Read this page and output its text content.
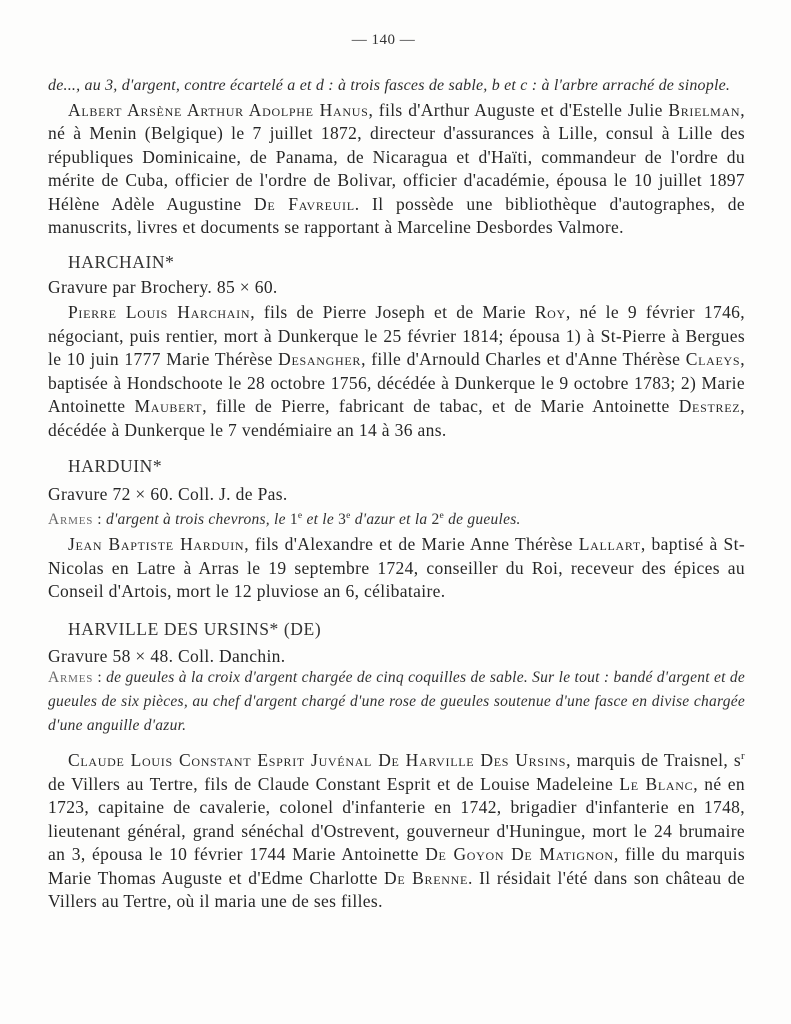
— 140 —

de..., au 3, d'argent, contre écartelé a et d : à trois fasces de sable, b et c : à l'arbre arraché de sinople.

Albert Arsène Arthur Adolphe Hanus, fils d'Arthur Auguste et d'Estelle Julie Brielman, né à Menin (Belgique) le 7 juillet 1872, directeur d'assurances à Lille, consul à Lille des républiques Dominicaine, de Panama, de Nicaragua et d'Haïti, commandeur de l'ordre du mérite de Cuba, officier de l'ordre de Bolivar, officier d'académie, épousa le 10 juillet 1897 Hélène Adèle Augustine De Favreuil. Il possède une bibliothèque d'autographes, de manuscrits, livres et documents se rapportant à Marceline Desbordes Valmore.

HARCHAIN*

Gravure par Brochery. 85 × 60.

Pierre Louis Harchain, fils de Pierre Joseph et de Marie Roy, né le 9 février 1746, négociant, puis rentier, mort à Dunkerque le 25 février 1814; épousa 1) à St-Pierre à Bergues le 10 juin 1777 Marie Thérèse Desangher, fille d'Arnould Charles et d'Anne Thérèse Claeys, baptisée à Hondschoote le 28 octobre 1756, décédée à Dunkerque le 9 octobre 1783; 2) Marie Antoinette Maubert, fille de Pierre, fabricant de tabac, et de Marie Antoinette Destrez, décédée à Dunkerque le 7 vendémiaire an 14 à 36 ans.

HARDUIN*

Gravure 72 × 60. Coll. J. de Pas.

Armes : d'argent à trois chevrons, le 1e et le 3e d'azur et la 2e de gueules.

Jean Baptiste Harduin, fils d'Alexandre et de Marie Anne Thérèse Lallart, baptisé à St-Nicolas en Latre à Arras le 19 septembre 1724, conseiller du Roi, receveur des épices au Conseil d'Artois, mort le 12 pluviose an 6, célibataire.

HARVILLE DES URSINS* (DE)

Gravure 58 × 48. Coll. Danchin.

Armes : de gueules à la croix d'argent chargée de cinq coquilles de sable. Sur le tout : bandé d'argent et de gueules de six pièces, au chef d'argent chargé d'une rose de gueules soutenue d'une fasce en divise chargée d'une anguille d'azur.

Claude Louis Constant Esprit Juvénal De Harville Des Ursins, marquis de Traisnel, $s^r$ de Villers au Tertre, fils de Claude Constant Esprit et de Louise Madeleine Le Blanc, né en 1723, capitaine de cavalerie, colonel d'infanterie en 1742, brigadier d'infanterie en 1748, lieutenant général, grand sénéchal d'Ostrevent, gouverneur d'Huningue, mort le 24 brumaire an 3, épousa le 10 février 1744 Marie Antoinette De Goyon De Matignon, fille du marquis Marie Thomas Auguste et d'Edme Charlotte De Brenne. Il résidait l'été dans son château de Villers au Tertre, où il maria une de ses filles.
